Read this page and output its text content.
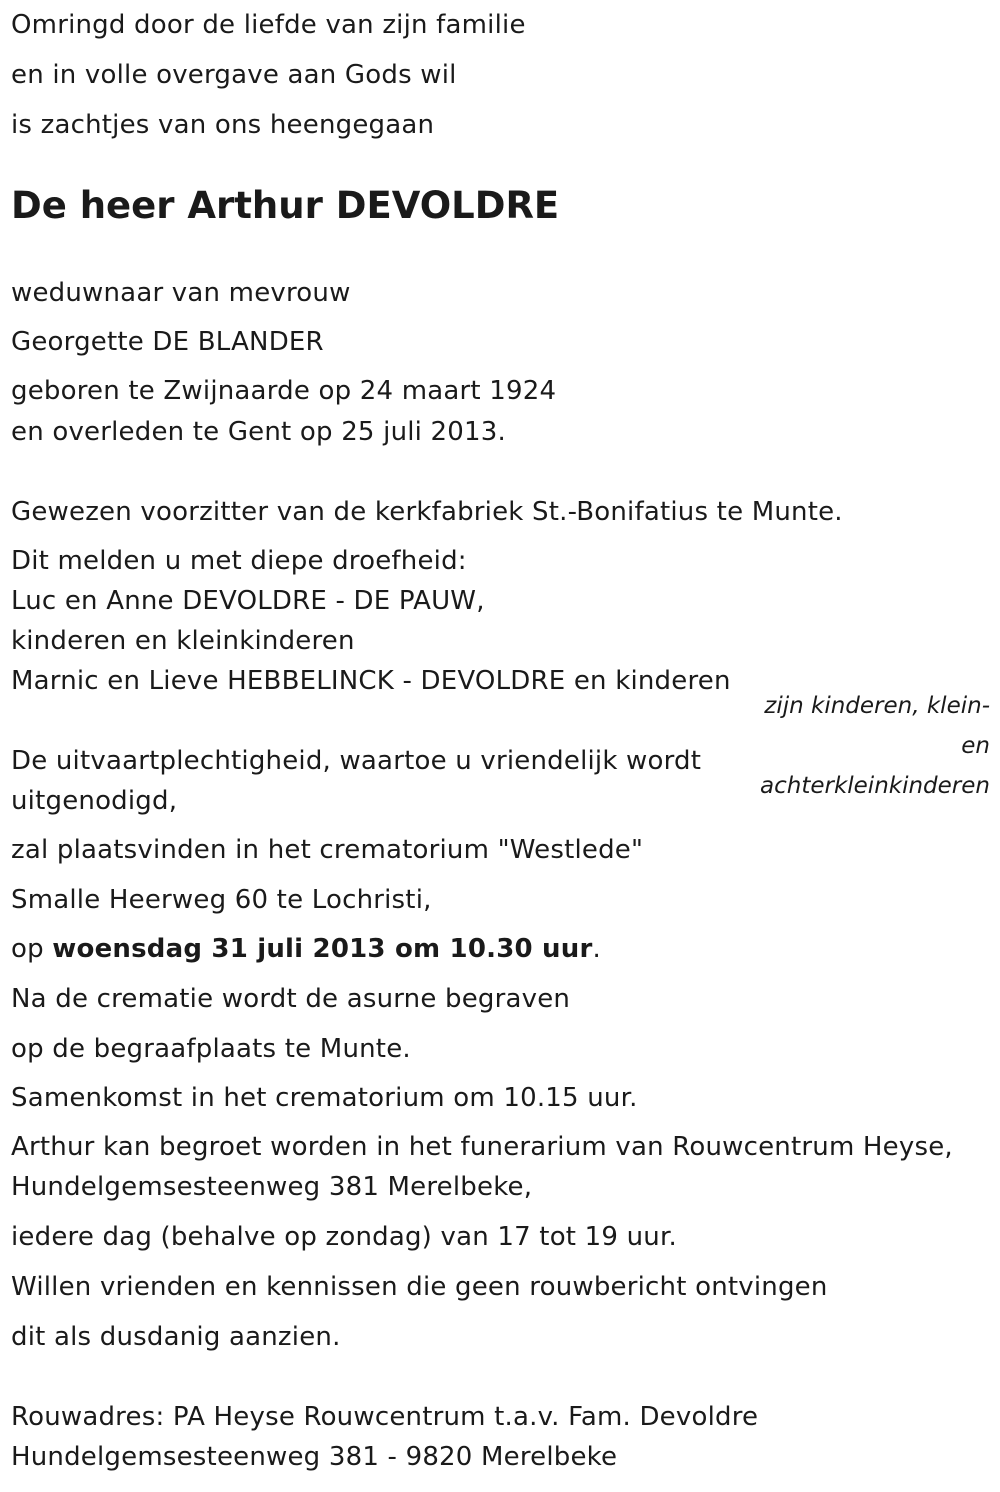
Omringd door de liefde van zijn familie
en in volle overgave aan Gods wil
is zachtjes van ons heengegaan
De heer Arthur DEVOLDRE
weduwnaar van mevrouw
Georgette DE BLANDER
geboren te Zwijnaarde op 24 maart 1924
en overleden te Gent op 25 juli 2013.
Gewezen voorzitter van de kerkfabriek St.-Bonifatius te Munte.
Dit melden u met diepe droefheid:
Luc en Anne DEVOLDRE - DE PAUW,
kinderen en kleinkinderen
Marnic en Lieve HEBBELINCK - DEVOLDRE en kinderen
zijn kinderen, klein-
en
achterkleinkinderen
De uitvaartplechtigheid, waartoe u vriendelijk wordt
uitgenodigd,
zal plaatsvinden in het crematorium "Westlede"
Smalle Heerweg 60 te Lochristi,
op woensdag 31 juli 2013 om 10.30 uur.
Na de crematie wordt de asurne begraven
op de begraafplaats te Munte.
Samenkomst in het crematorium om 10.15 uur.
Arthur kan begroet worden in het funerarium van Rouwcentrum Heyse,
Hundelgemsesteenweg 381 Merelbeke,
iedere dag (behalve op zondag) van 17 tot 19 uur.
Willen vrienden en kennissen die geen rouwbericht ontvingen
dit als dusdanig aanzien.
Rouwadres: PA Heyse Rouwcentrum t.a.v. Fam. Devoldre
Hundelgemsesteenweg 381 - 9820 Merelbeke
